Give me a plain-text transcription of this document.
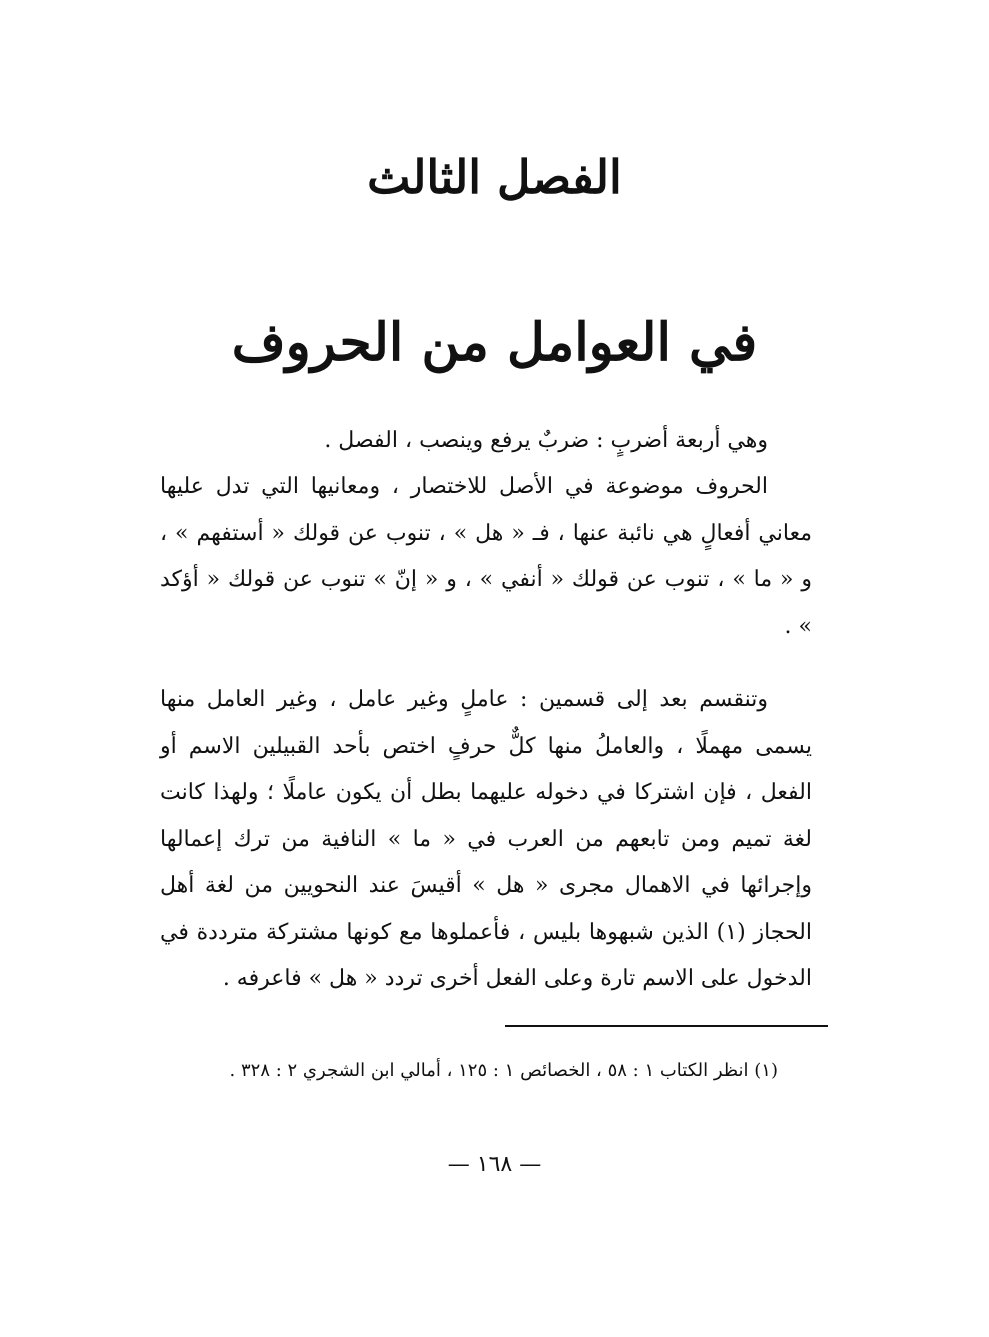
الفصل الثالث
في العوامل من الحروف

وهي أربعة أضربٍ : ضربٌ يرفع وينصب ، الفصل .

الحروف موضوعة في الأصل للاختصار ، ومعانيها التي تدل عليها معاني أفعالٍ هي نائبة عنها ، فـ « هل » ، تنوب عن قولك « أستفهم » ، و « ما » ، تنوب عن قولك « أنفي » ، و « إنّ » تنوب عن قولك « أؤكد » .

وتنقسم بعد إلى قسمين : عاملٍ وغير عامل ، وغير العامل منها يسمى مهملًا ، والعاملُ منها كلٌّ حرفٍ اختص بأحد القبيلين الاسم أو الفعل ، فإن اشتركا في دخوله عليهما بطل أن يكون عاملًا ؛ ولهذا كانت لغة تميم ومن تابعهم من العرب في « ما » النافية من ترك إعمالها وإجرائها في الاهمال مجرى « هل » أقيسَ عند النحويين من لغة أهل الحجاز (١) الذين شبهوها بليس ، فأعملوها مع كونها مشتركة مترددة في الدخول على الاسم تارة وعلى الفعل أخرى تردد « هل » فاعرفه .

(١) انظر الكتاب ١ : ٥٨ ، الخصائص ١ : ١٢٥ ، أمالي ابن الشجري ٢ : ٣٢٨ .
— ١٦٨ —
